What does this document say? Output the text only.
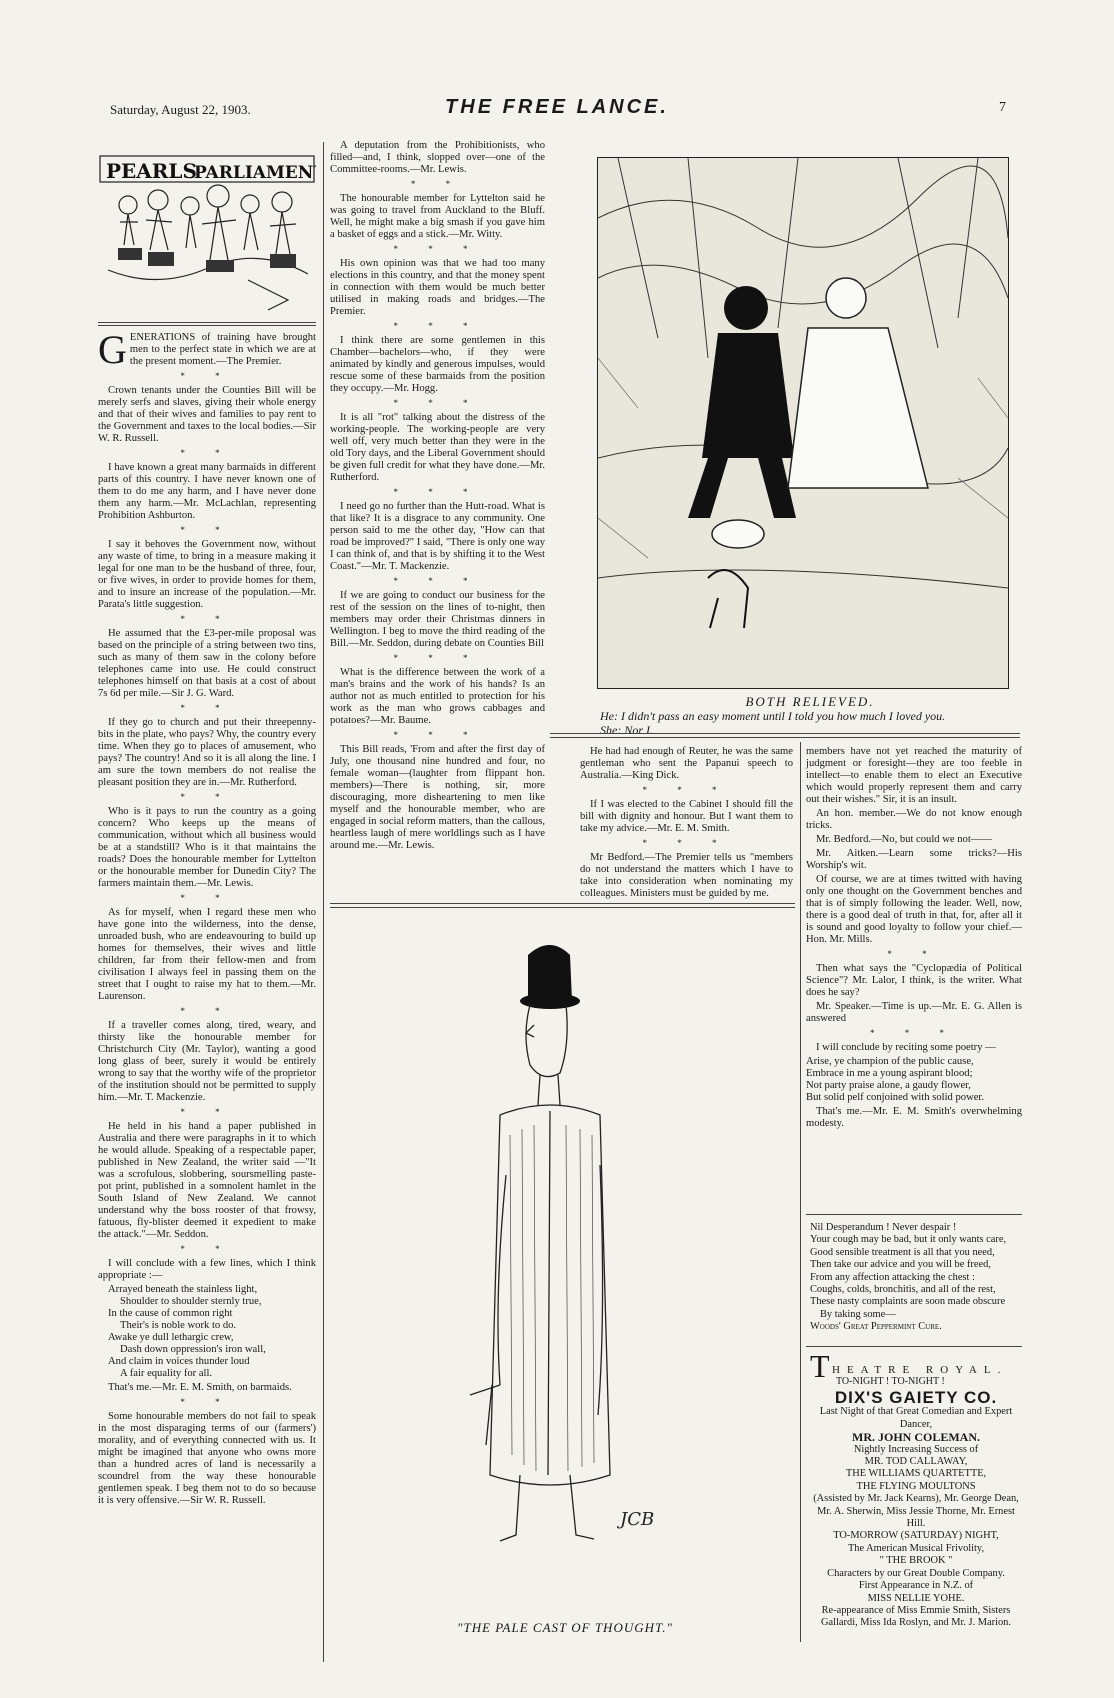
Saturday, August 22, 1903.	THE FREE LANCE.	7
PEARLS
PARLIAMENT

GENERATIONS of training have brought men to the perfect state in which we are at the present moment.—The Premier.

* *

Crown tenants under the Counties Bill will be merely serfs and slaves, giving their whole energy and that of their wives and families to pay rent to the Government and taxes to the local bodies.—Sir W. R. Russell.

* *

I have known a great many barmaids in different parts of this country. I have never known one of them to do me any harm, and I have never done them any harm.—Mr. McLachlan, representing Prohibition Ashburton.

* *

I say it behoves the Government now, without any waste of time, to bring in a measure making it legal for one man to be the husband of three, four, or five wives, in order to provide homes for them, and to insure an increase of the population.—Mr. Parata's little suggestion.

* *

He assumed that the £3-per-mile proposal was based on the principle of a string between two tins, such as many of them saw in the colony before telephones came into use. He could construct telephones himself on that basis at a cost of about 7s 6d per mile.—Sir J. G. Ward.

* *

If they go to church and put their threepenny-bits in the plate, who pays? Why, the country every time. When they go to places of amusement, who pays? The country! And so it is all along the line. I am sure the town members do not realise the pleasant position they are in.—Mr. Rutherford.

* *

Who is it pays to run the country as a going concern? Who keeps up the means of communication, without which all business would be at a standstill? Who is it that maintains the roads? Does the honourable member for Lyttelton or the honourable member for Dunedin City? The farmers maintain them.—Mr. Lewis.

* *

As for myself, when I regard these men who have gone into the wilderness, into the dense, unroaded bush, who are endeavouring to build up homes for themselves, their wives and little children, far from their fellow-men and from civilisation I always feel in passing them on the street that I ought to raise my hat to them.—Mr. Laurenson.

* *

If a traveller comes along, tired, weary, and thirsty like the honourable member for Christchurch City (Mr. Taylor), wanting a good long glass of beer, surely it would be entirely wrong to say that the worthy wife of the proprietor of the institution should not be permitted to supply him.—Mr. T. Mackenzie.

* *

He held in his hand a paper published in Australia and there were paragraphs in it to which he would allude. Speaking of a respectable paper, published in New Zealand, the writer said —"It was a scrofulous, slobbering, soursmelling paste-pot print, published in a somnolent hamlet in the South Island of New Zealand. We cannot understand why the boss rooster of that frowsy, fatuous, fly-blister deemed it expedient to make the attack."—Mr. Seddon.

* *

I will conclude with a few lines, which I think appropriate :—

Arrayed beneath the stainless light,
Shoulder to shoulder sternly true,
In the cause of common right
Their's is noble work to do.
Awake ye dull lethargic crew,
Dash down oppression's iron wall,
And claim in voices thunder loud
A fair equality for all.

That's me.—Mr. E. M. Smith, on barmaids.

* *

Some honourable members do not fail to speak in the most disparaging terms of our (farmers') morality, and of everything connected with us. It might be imagined that anyone who owns more than a hundred acres of land is necessarily a scoundrel from the way these honourable gentlemen speak. I beg them not to do so because it is very offensive.—Sir W. R. Russell.

A deputation from the Prohibitionists, who filled—and, I think, slopped over—one of the Committee-rooms.—Mr. Lewis.

* *

The honourable member for Lyttelton said he was going to travel from Auckland to the Bluff. Well, he might make a big smash if you gave him a basket of eggs and a stick.—Mr. Witty.

* * *

His own opinion was that we had too many elections in this country, and that the money spent in connection with them would be much better utilised in making roads and bridges.—The Premier.

* * *

I think there are some gentlemen in this Chamber—bachelors—who, if they were animated by kindly and generous impulses, would rescue some of these barmaids from the position they occupy.—Mr. Hogg.

* * *

It is all "rot" talking about the distress of the working-people. The working-people are very well off, very much better than they were in the old Tory days, and the Liberal Government should be given full credit for what they have done.—Mr. Rutherford.

* * *

I need go no further than the Hutt-road. What is that like? It is a disgrace to any community. One person said to me the other day, "How can that road be improved?" I said, "There is only one way I can think of, and that is by shifting it to the West Coast."—Mr. T. Mackenzie.

* * *

If we are going to conduct our business for the rest of the session on the lines of to-night, then members may order their Christmas dinners in Wellington. I beg to move the third reading of the Bill.—Mr. Seddon, during debate on Counties Bill

* * *

What is the difference between the work of a man's brains and the work of his hands? Is an author not as much entitled to protection for his work as the man who grows cabbages and potatoes?—Mr. Baume.

* * *

This Bill reads, 'From and after the first day of July, one thousand nine hundred and four, no female woman—(laughter from flippant hon. members)—There is nothing, sir, more discouraging, more disheartening to men like myself and the honourable member, who are engaged in social reform matters, than the callous, heartless laugh of mere worldlings such as I have around me.—Mr. Lewis.

BOTH RELIEVED.
He: I didn't pass an easy moment until I told you how much I loved you.
She: Nor I.

He had had enough of Reuter, he was the same gentleman who sent the Papanui speech to Australia.—King Dick.

* * *

If I was elected to the Cabinet I should fill the bill with dignity and honour. But I want them to take my advice.—Mr. E. M. Smith.

* * *

Mr Bedford.—The Premier tells us "members do not understand the matters which I have to take into consideration when nominating my colleagues. Ministers must be guided by me.

members have not yet reached the maturity of judgment or foresight—they are too feeble in intellect—to enable them to elect an Executive which would properly represent them and carry out their wishes." Sir, it is an insult.

An hon. member.—We do not know enough tricks.

Mr. Bedford.—No, but could we not——

Mr. Aitken.—Learn some tricks?—His Worship's wit.

Of course, we are at times twitted with having only one thought on the Government benches and that is of simply following the leader. Well, now, there is a good deal of truth in that, for, after all it is sound and good loyalty to follow your chief.—Hon. Mr. Mills.

* *

Then what says the "Cyclopædia of Political Science"? Mr. Lalor, I think, is the writer. What does he say?

Mr. Speaker.—Time is up.—Mr. E. G. Allen is answered

* * *

I will conclude by reciting some poetry —

Arise, ye champion of the public cause,
Embrace in me a young aspirant blood;
Not party praise alone, a gaudy flower,
But solid pelf conjoined with solid power.

That's me.—Mr. E. M. Smith's overwhelming modesty.

JCB
"THE PALE CAST OF THOUGHT."
Nil Desperandum ! Never despair !
Your cough may be bad, but it only wants care,
Good sensible treatment is all that you need,
Then take our advice and you will be freed,
From any affection attacking the chest :
Coughs, colds, bronchitis, and all of the rest,
These nasty complaints are soon made obscure
By taking some—
Woods' Great Peppermint Cure.
T HEATRE ROYAL.
TO-NIGHT ! TO-NIGHT !
DIX'S GAIETY CO.
Last Night of that Great Comedian and Expert Dancer,
MR. JOHN COLEMAN.
Nightly Increasing Success of
MR. TOD CALLAWAY,
THE WILLIAMS QUARTETTE,
THE FLYING MOULTONS
(Assisted by Mr. Jack Kearns), Mr. George Dean, Mr. A. Sherwin, Miss Jessie Thorne, Mr. Ernest Hill.
TO-MORROW (SATURDAY) NIGHT,
The American Musical Frivolity,
" THE BROOK "
Characters by our Great Double Company.
First Appearance in N.Z. of
MISS NELLIE YOHE.
Re-appearance of Miss Emmie Smith, Sisters Gallardi, Miss Ida Roslyn, and Mr. J. Marion.
